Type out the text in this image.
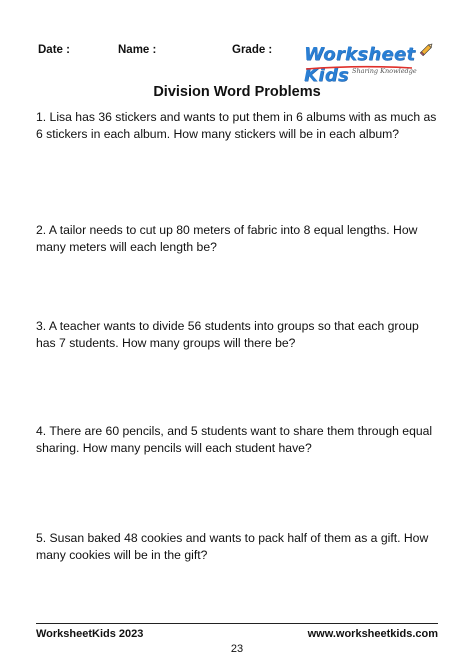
Date :	Name :	Grade : Worksheet Kids Sharing Knowledge
Division Word Problems
1. Lisa has 36 stickers and wants to put them in 6 albums with as much as 6 stickers in each album. How many stickers will be in each album?
2. A tailor needs to cut up 80 meters of fabric into 8 equal lengths. How many meters will each length be?
3. A teacher wants to divide 56 students into groups so that each group has 7 students. How many groups will there be?
4. There are 60 pencils, and 5 students want to share them through equal sharing. How many pencils will each student have?
5. Susan baked 48 cookies and wants to pack half of them as a gift. How many cookies will be in the gift?
WorksheetKids 2023	www.worksheetkids.com
23
